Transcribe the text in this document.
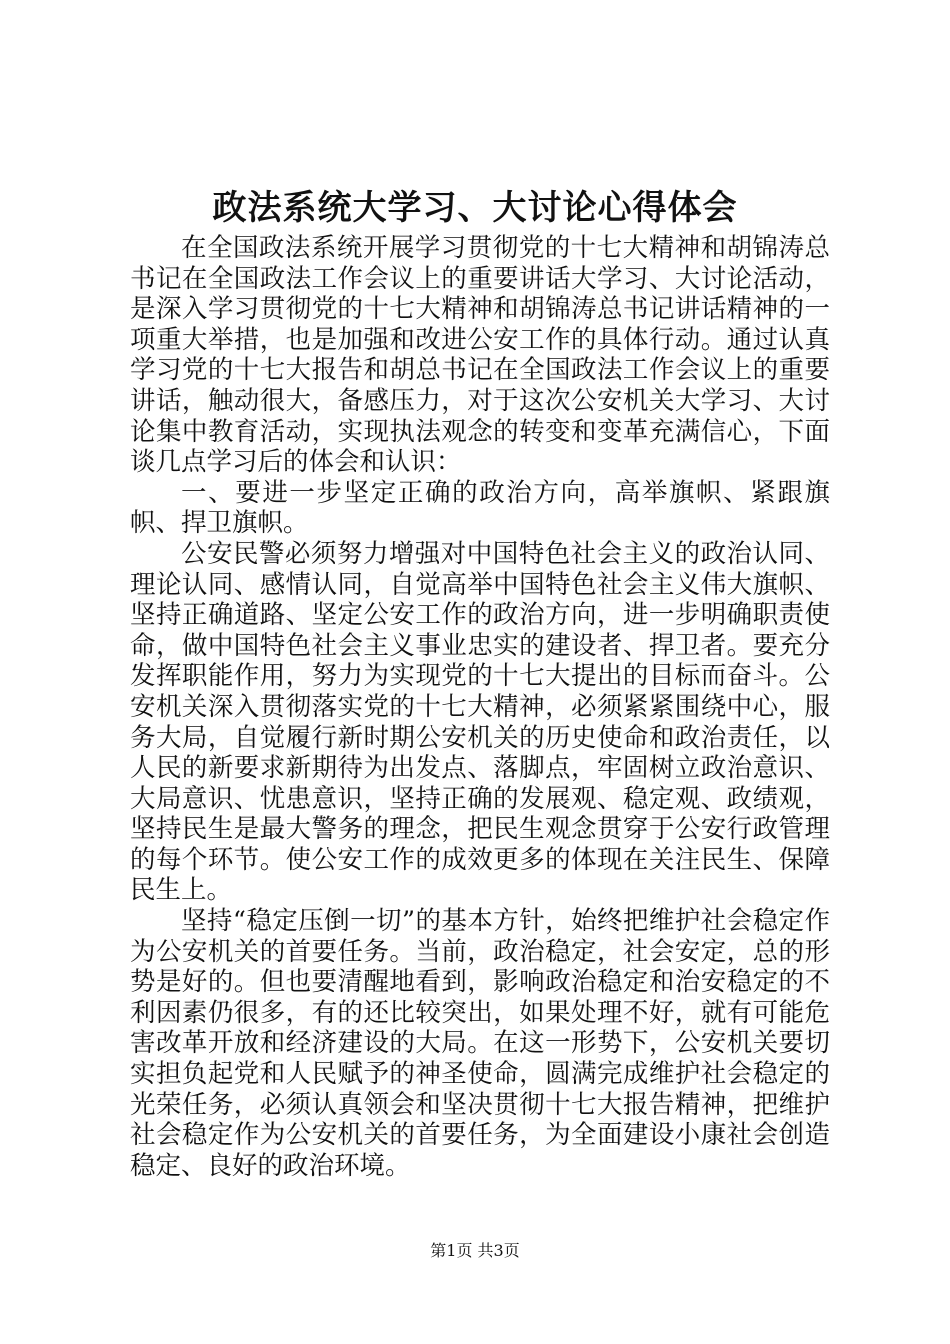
政法系统大学习、大讨论心得体会

在全国政法系统开展学习贯彻党的十七大精神和胡锦涛总书记在全国政法工作会议上的重要讲话大学习、大讨论活动，是深入学习贯彻党的十七大精神和胡锦涛总书记讲话精神的一项重大举措，也是加强和改进公安工作的具体行动。通过认真学习党的十七大报告和胡总书记在全国政法工作会议上的重要讲话，触动很大，备感压力，对于这次公安机关大学习、大讨论集中教育活动，实现执法观念的转变和变革充满信心，下面谈几点学习后的体会和认识：

一、要进一步坚定正确的政治方向，高举旗帜、紧跟旗帜、捍卫旗帜。

公安民警必须努力增强对中国特色社会主义的政治认同、理论认同、感情认同，自觉高举中国特色社会主义伟大旗帜、坚持正确道路、坚定公安工作的政治方向，进一步明确职责使命，做中国特色社会主义事业忠实的建设者、捍卫者。要充分发挥职能作用，努力为实现党的十七大提出的目标而奋斗。公安机关深入贯彻落实党的十七大精神，必须紧紧围绕中心，服务大局，自觉履行新时期公安机关的历史使命和政治责任，以人民的新要求新期待为出发点、落脚点，牢固树立政治意识、大局意识、忧患意识，坚持正确的发展观、稳定观、政绩观，坚持民生是最大警务的理念，把民生观念贯穿于公安行政管理的每个环节。使公安工作的成效更多的体现在关注民生、保障民生上。

坚持“稳定压倒一切”的基本方针，始终把维护社会稳定作为公安机关的首要任务。当前，政治稳定，社会安定，总的形势是好的。但也要清醒地看到，影响政治稳定和治安稳定的不利因素仍很多，有的还比较突出，如果处理不好，就有可能危害改革开放和经济建设的大局。在这一形势下，公安机关要切实担负起党和人民赋予的神圣使命，圆满完成维护社会稳定的光荣任务，必须认真领会和坚决贯彻十七大报告精神，把维护社会稳定作为公安机关的首要任务，为全面建设小康社会创造稳定、良好的政治环境。

第1页 共3页
